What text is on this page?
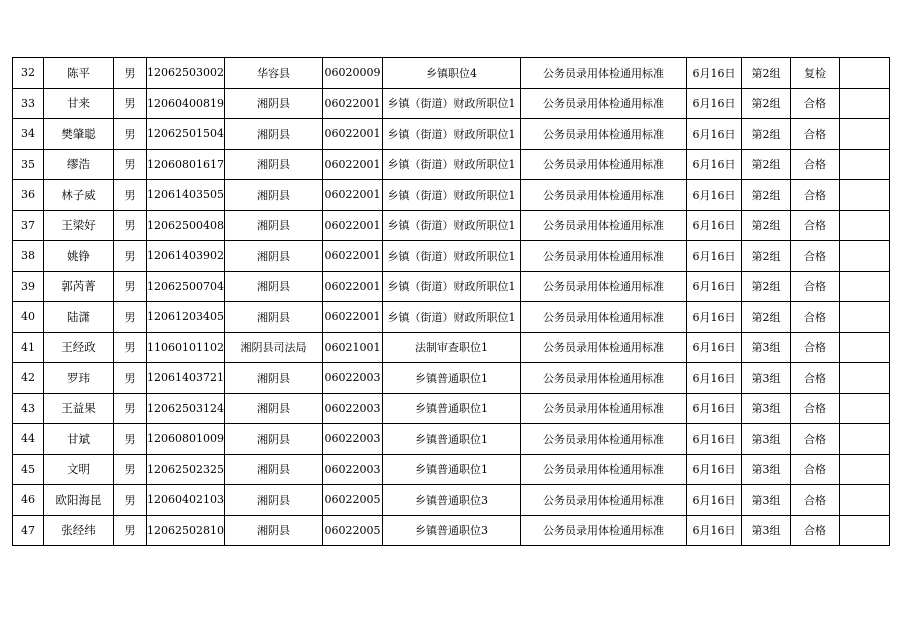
32	陈平	男	12062503002	华容县	06020009	乡镇职位4	公务员录用体检通用标准	6月16日	第2组	复检	
33	甘来	男	12060400819	湘阴县	06022001	乡镇（街道）财政所职位1	公务员录用体检通用标准	6月16日	第2组	合格	
34	樊肇聪	男	12062501504	湘阴县	06022001	乡镇（街道）财政所职位1	公务员录用体检通用标准	6月16日	第2组	合格	
35	缪浩	男	12060801617	湘阴县	06022001	乡镇（街道）财政所职位1	公务员录用体检通用标准	6月16日	第2组	合格	
36	林子威	男	12061403505	湘阴县	06022001	乡镇（街道）财政所职位1	公务员录用体检通用标准	6月16日	第2组	合格	
37	王梁好	男	12062500408	湘阴县	06022001	乡镇（街道）财政所职位1	公务员录用体检通用标准	6月16日	第2组	合格	
38	姚铮	男	12061403902	湘阴县	06022001	乡镇（街道）财政所职位1	公务员录用体检通用标准	6月16日	第2组	合格	
39	郭芮菁	男	12062500704	湘阴县	06022001	乡镇（街道）财政所职位1	公务员录用体检通用标准	6月16日	第2组	合格	
40	陆潇	男	12061203405	湘阴县	06022001	乡镇（街道）财政所职位1	公务员录用体检通用标准	6月16日	第2组	合格	
41	王经政	男	11060101102	湘阴县司法局	06021001	法制审查职位1	公务员录用体检通用标准	6月16日	第3组	合格	
42	罗玮	男	12061403721	湘阴县	06022003	乡镇普通职位1	公务员录用体检通用标准	6月16日	第3组	合格	
43	王益果	男	12062503124	湘阴县	06022003	乡镇普通职位1	公务员录用体检通用标准	6月16日	第3组	合格	
44	甘斌	男	12060801009	湘阴县	06022003	乡镇普通职位1	公务员录用体检通用标准	6月16日	第3组	合格	
45	文明	男	12062502325	湘阴县	06022003	乡镇普通职位1	公务员录用体检通用标准	6月16日	第3组	合格	
46	欧阳海昆	男	12060402103	湘阴县	06022005	乡镇普通职位3	公务员录用体检通用标准	6月16日	第3组	合格	
47	张经纬	男	12062502810	湘阴县	06022005	乡镇普通职位3	公务员录用体检通用标准	6月16日	第3组	合格	
